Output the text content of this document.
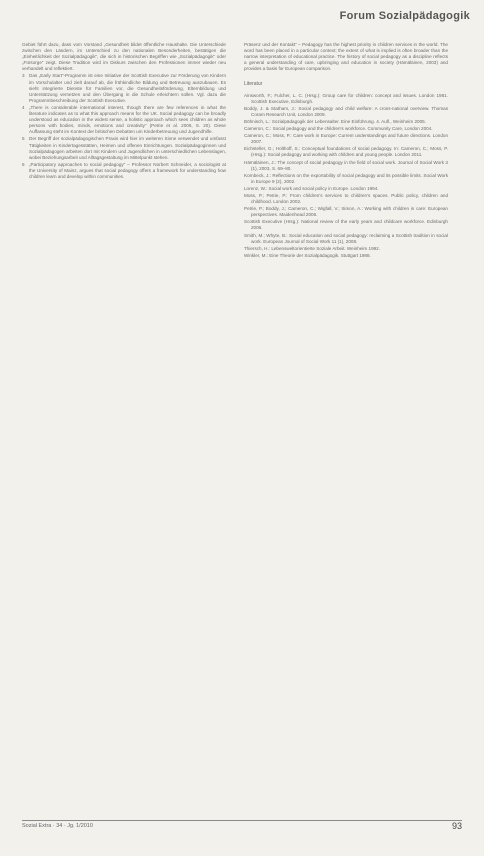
Forum Sozialpädagogik

Gebiet führt dazu, dass vom Vorstand „Gesundheit bildet öffentliche Haushalte. Die Unterschiede zwischen den Ländern, im Unterschied zu den nationalen Besonderheiten, bestätigen die „Einheitlichkeit der Sozialpädagogik“, die sich in historischen Begriffen wie „Sozialpädagogik“ oder „Fürsorge“ zeigt. Diese Tradition wird im Diskurs zwischen den Professionen immer wieder neu verhandelt und reflektiert.

3 Das „Early Start“-Programm ist eine Initiative der Scottish Executive zur Förderung von Kindern im Vorschulalter und zielt darauf ab, die frühkindliche Bildung und Betreuung auszubauen. Es sieht integrierte Dienste für Familien vor, die Gesundheitsförderung, Elternbildung und Unterstützung vernetzen und den Übergang in die Schule erleichtern sollen. Vgl. dazu die Programmbeschreibung der Scottish Executive.
4 „There is considerable international interest, though there are few references in what the literature indicates as to what this approach means for the UK. Social pedagogy can be broadly understood as education in the widest sense, a holistic approach which sees children as whole persons with bodies, minds, emotions and creativity“ (Petrie et al. 2006, S. 20). Diese Auffassung steht im Kontext der britischen Debatten um Kinderbetreuung und Jugendhilfe.
5 Der Begriff der sozialpädagogischen Praxis wird hier im weiteren Sinne verwendet und umfasst Tätigkeiten in Kindertagesstätten, Heimen und offenen Einrichtungen. Sozialpädagoginnen und Sozialpädagogen arbeiten dort mit Kindern und Jugendlichen in unterschiedlichen Lebenslagen, wobei Beziehungsarbeit und Alltagsgestaltung im Mittelpunkt stehen.
6 „Participatory approaches to social pedagogy“ – Professor Norbert Schneider, a sociologist at the University of Mainz, argues that social pedagogy offers a framework for understanding how children learn and develop within communities.

Präsenz und der Kontakt“ – Pedagogy has the highest priority in children services in the world. The word has been placed in a particular context; the extent of what is implied is often broader than the narrow interpretation of educational practice. The history of social pedagogy as a discipline reflects a general understanding of care, upbringing and education in society (Hämäläinen, 2003) and provides a basis for European comparison.

Literatur
Ainsworth, F.; Fulcher, L. C. (Hrsg.): Group care for children: concept and issues. London 1981. Scottish Executive, Edinburgh.
Boddy, J. & Statham, J.: Social pedagogy and child welfare: A cross-national overview. Thomas Coram Research Unit, London 2009.
Böhnisch, L.: Sozialpädagogik der Lebensalter. Eine Einführung. 4. Aufl., Weinheim 2005.
Cameron, C.: Social pedagogy and the children's workforce. Community Care, London 2004.
Cameron, C.; Moss, P.: Care work in Europe: Current understandings and future directions. London 2007.
Eichsteller, G.; Holthoff, S.: Conceptual foundations of social pedagogy. In: Cameron, C.; Moss, P. (Hrsg.): Social pedagogy and working with children and young people. London 2011.
Hämäläinen, J.: The concept of social pedagogy in the field of social work. Journal of Social Work 3 (1), 2003, S. 69–80.
Kornbeck, J.: Reflections on the exportability of social pedagogy and its possible limits. Social Work in Europe 9 (2), 2002.
Lorenz, W.: Social work and social policy in Europe. London 1994.
Moss, P.; Petrie, P.: From children's services to children's spaces. Public policy, children and childhood. London 2002.
Petrie, P.; Boddy, J.; Cameron, C.; Wigfall, V.; Simon, A.: Working with children in care: European perspectives. Maidenhead 2006.
Scottish Executive (Hrsg.): National review of the early years and childcare workforce. Edinburgh 2006.
Smith, M.; Whyte, B.: Social education and social pedagogy: reclaiming a Scottish tradition in social work. European Journal of Social Work 11 (1), 2008.
Thiersch, H.: Lebensweltorientierte Soziale Arbeit. Weinheim 1992.
Winkler, M.: Eine Theorie der Sozialpädagogik. Stuttgart 1988.
Sozial Extra · 34 · Jg. 1/2010	93
